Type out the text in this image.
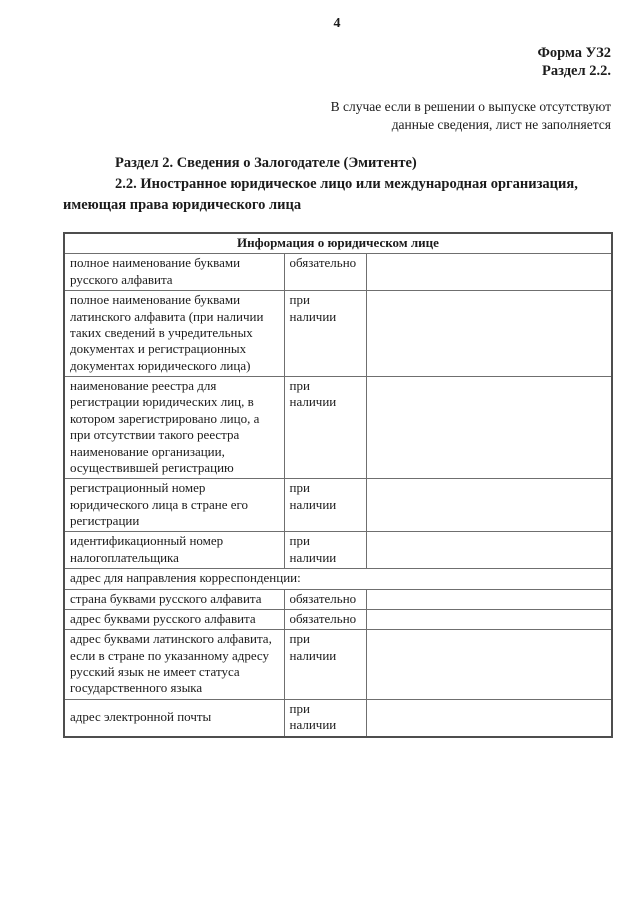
4
Форма УЗ2
Раздел 2.2.
В случае если в решении о выпуске отсутствуют
данные сведения, лист не заполняется

Раздел 2. Сведения о Залогодателе (Эмитенте)

2.2. Иностранное юридическое лицо или международная организация, имеющая права юридического лица

Информация о юридическом лице		
полное наименование буквами русского алфавита	обязательно	
полное наименование буквами латинского алфавита (при наличии таких сведений в учредительных документах и регистрационных документах юридического лица)	при наличии	
наименование реестра для регистрации юридических лиц, в котором зарегистрировано лицо, а при отсутствии такого реестра наименование организации, осуществившей регистрацию	при наличии	
регистрационный номер юридического лица в стране его регистрации	при наличии	
идентификационный номер налогоплательщика	при наличии	
адрес для направления корреспонденции:		
страна буквами русского алфавита	обязательно	
адрес буквами русского алфавита	обязательно	
адрес буквами латинского алфавита, если в стране по указанному адресу русский язык не имеет статуса государственного языка	при наличии	
адрес электронной почты	при наличии	
